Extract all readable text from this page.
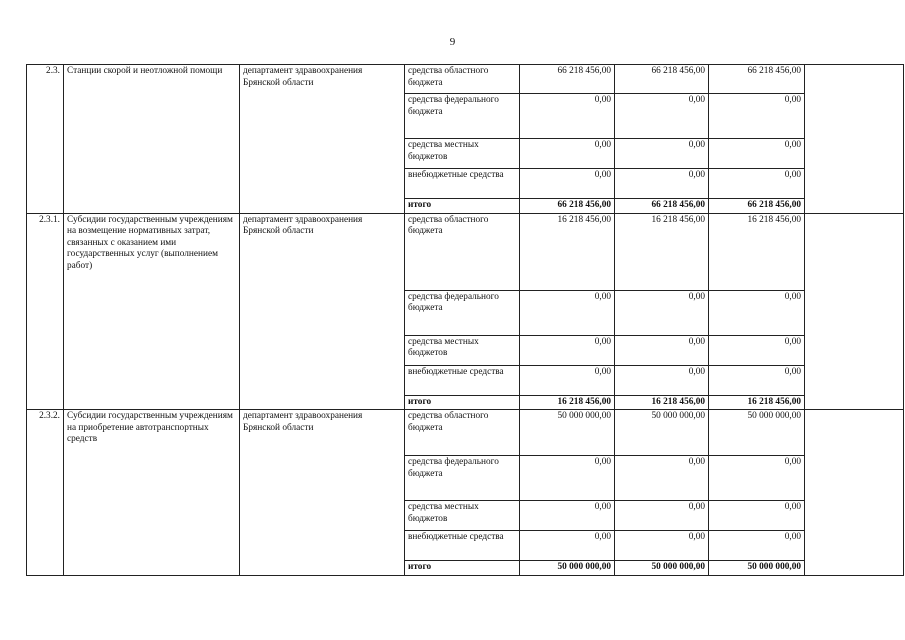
9
2.3.	Станции скорой и неотложной помощи	департамент здравоохранения Брянской области	средства областного бюджета	66 218 456,00	66 218 456,00	66 218 456,00	
			средства федерального бюджета	0,00	0,00	0,00	
			средства местных бюджетов	0,00	0,00	0,00	
			внебюджетные средства	0,00	0,00	0,00	
			итого	66 218 456,00	66 218 456,00	66 218 456,00	
2.3.1.	Субсидии государственным учреждениям на возмещение нормативных затрат, связанных с оказанием ими государственных услуг (выполнением работ)	департамент здравоохранения Брянской области	средства областного бюджета	16 218 456,00	16 218 456,00	16 218 456,00	
			средства федерального бюджета	0,00	0,00	0,00	
			средства местных бюджетов	0,00	0,00	0,00	
			внебюджетные средства	0,00	0,00	0,00	
			итого	16 218 456,00	16 218 456,00	16 218 456,00	
2.3.2.	Субсидии государственным учреждениям на приобретение автотранспортных средств	департамент здравоохранения Брянской области	средства областного бюджета	50 000 000,00	50 000 000,00	50 000 000,00	
			средства федерального бюджета	0,00	0,00	0,00	
			средства местных бюджетов	0,00	0,00	0,00	
			внебюджетные средства	0,00	0,00	0,00	
			итого	50 000 000,00	50 000 000,00	50 000 000,00	
